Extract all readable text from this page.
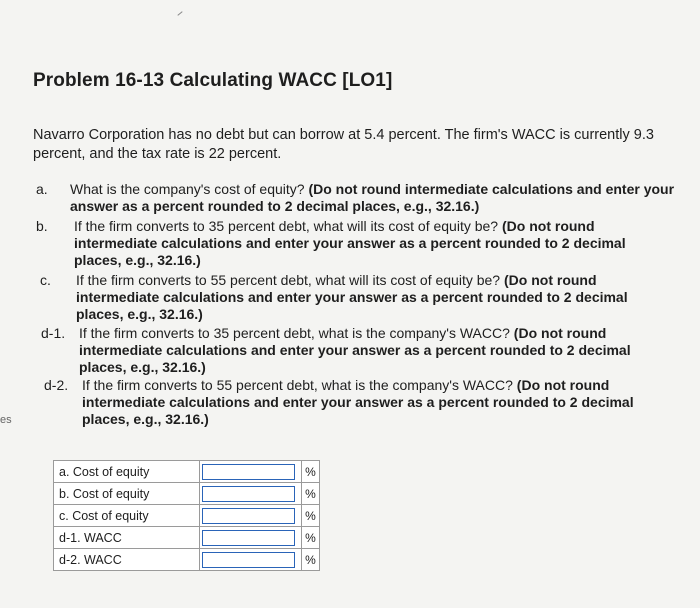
es
Problem 16-13 Calculating WACC [LO1]

Navarro Corporation has no debt but can borrow at 5.4 percent. The firm's WACC is currently 9.3 percent, and the tax rate is 22 percent.

a. What is the company's cost of equity? (Do not round intermediate calculations and enter your answer as a percent rounded to 2 decimal places, e.g., 32.16.)
b. If the firm converts to 35 percent debt, what will its cost of equity be? (Do not round intermediate calculations and enter your answer as a percent rounded to 2 decimal places, e.g., 32.16.)
c. If the firm converts to 55 percent debt, what will its cost of equity be? (Do not round intermediate calculations and enter your answer as a percent rounded to 2 decimal places, e.g., 32.16.)
d-1. If the firm converts to 35 percent debt, what is the company's WACC? (Do not round intermediate calculations and enter your answer as a percent rounded to 2 decimal places, e.g., 32.16.)
d-2. If the firm converts to 55 percent debt, what is the company's WACC? (Do not round intermediate calculations and enter your answer as a percent rounded to 2 decimal places, e.g., 32.16.)
a. Cost of equity		%
b. Cost of equity		%
c. Cost of equity		%
d-1. WACC		%
d-2. WACC		%
